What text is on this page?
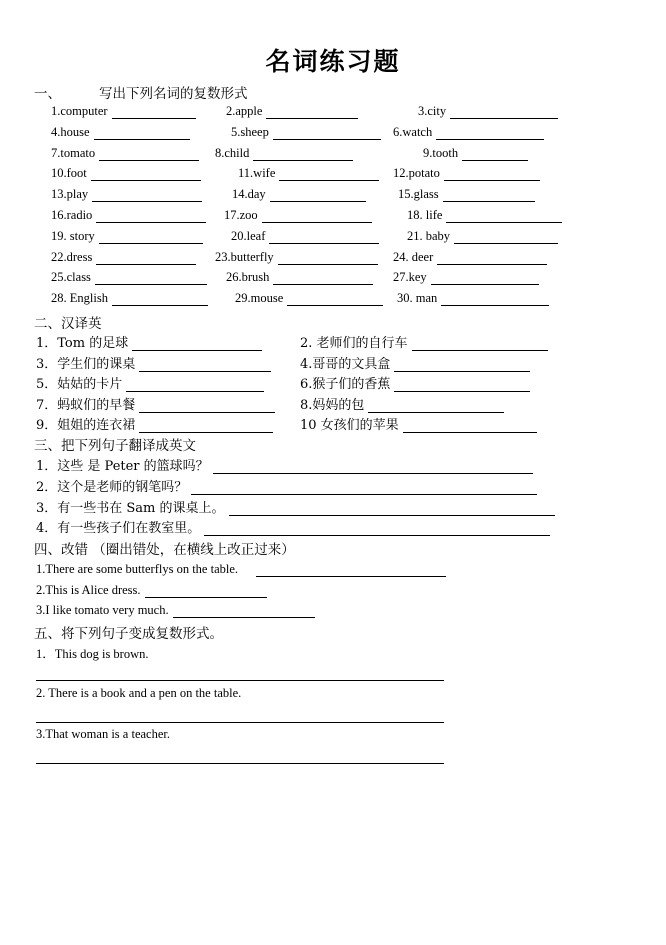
名词练习题
一、	写出下列名词的复数形式
1.computer	2.apple	3.city
4.house	5.sheep	6.watch
7.tomato	8.child	9.tooth
10.foot	11.wife	12.potato
13.play	14.day	15.glass
16.radio	17.zoo	18. life
19. story	20.leaf	21. baby
22.dress	23.butterfly	24. deer
25.class	26.brush	27.key
28. English	29.mouse	30. man
二、汉译英
1．Tom 的足球	2. 老师们的自行车
3．学生们的课桌	4.哥哥的文具盒
5．姑姑的卡片	6.猴子们的香蕉
7．蚂蚁们的早餐	8.妈妈的包
9．姐姐的连衣裙	10 女孩们的苹果
三、把下列句子翻译成英文
1．这些 是 Peter 的篮球吗？
2．这个是老师的钢笔吗？
3．有一些书在 Sam 的课桌上。
4．有一些孩子们在教室里。
四、改错 （圈出错处，在横线上改正过来）
1.There are some butterflys on the table.
2.This is Alice dress.
3.I like tomato very much.
五、将下列句子变成复数形式。
1．This dog is brown.
2. There is a book and a pen on the table.
3.That woman is a teacher.
